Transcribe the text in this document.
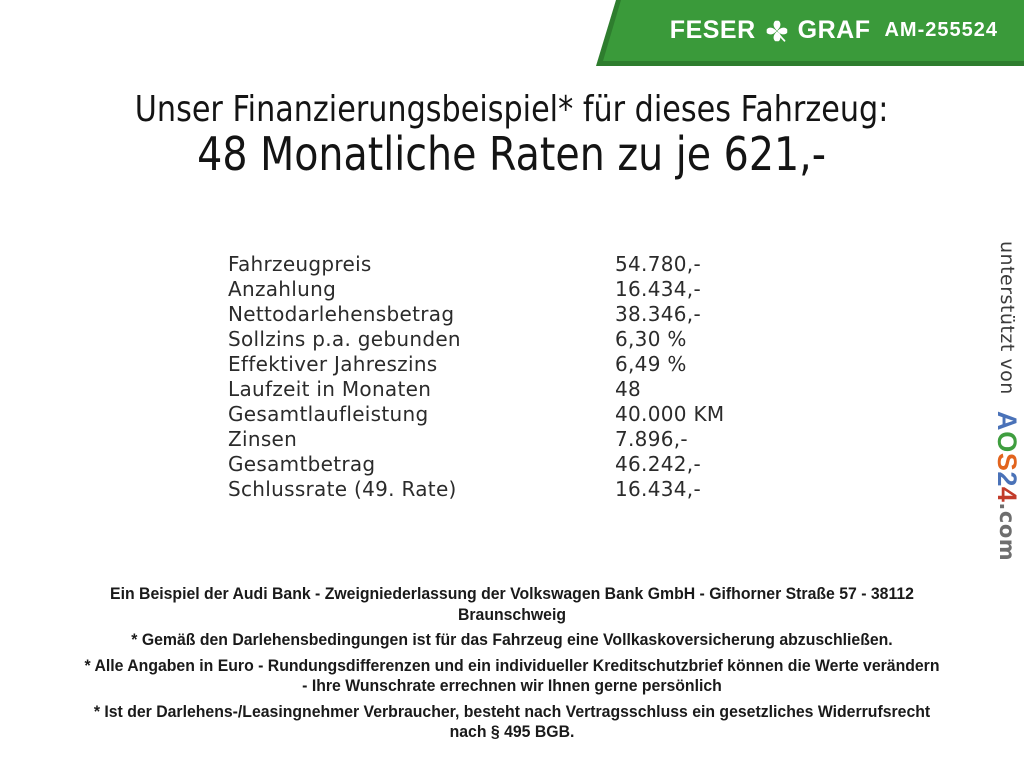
FESER GRAF AM-255524
Unser Finanzierungsbeispiel* für dieses Fahrzeug:
48 Monatliche Raten zu je 621,-
Fahrzeugpreis	54.780,-
Anzahlung	16.434,-
Nettodarlehensbetrag	38.346,-
Sollzins p.a. gebunden	6,30 %
Effektiver Jahreszins	6,49 %
Laufzeit in Monaten	48
Gesamtlaufleistung	40.000 KM
Zinsen	7.896,-
Gesamtbetrag	46.242,-
Schlussrate (49. Rate)	16.434,-
unterstützt von AOS24.com
Ein Beispiel der Audi Bank - Zweigniederlassung der Volkswagen Bank GmbH - Gifhorner Straße 57 - 38112
Braunschweig
* Gemäß den Darlehensbedingungen ist für das Fahrzeug eine Vollkaskoversicherung abzuschließen.
* Alle Angaben in Euro - Rundungsdifferenzen und ein individueller Kreditschutzbrief können die Werte verändern
- Ihre Wunschrate errechnen wir Ihnen gerne persönlich
* Ist der Darlehens-/Leasingnehmer Verbraucher, besteht nach Vertragsschluss ein gesetzliches Widerrufsrecht
nach § 495 BGB.
